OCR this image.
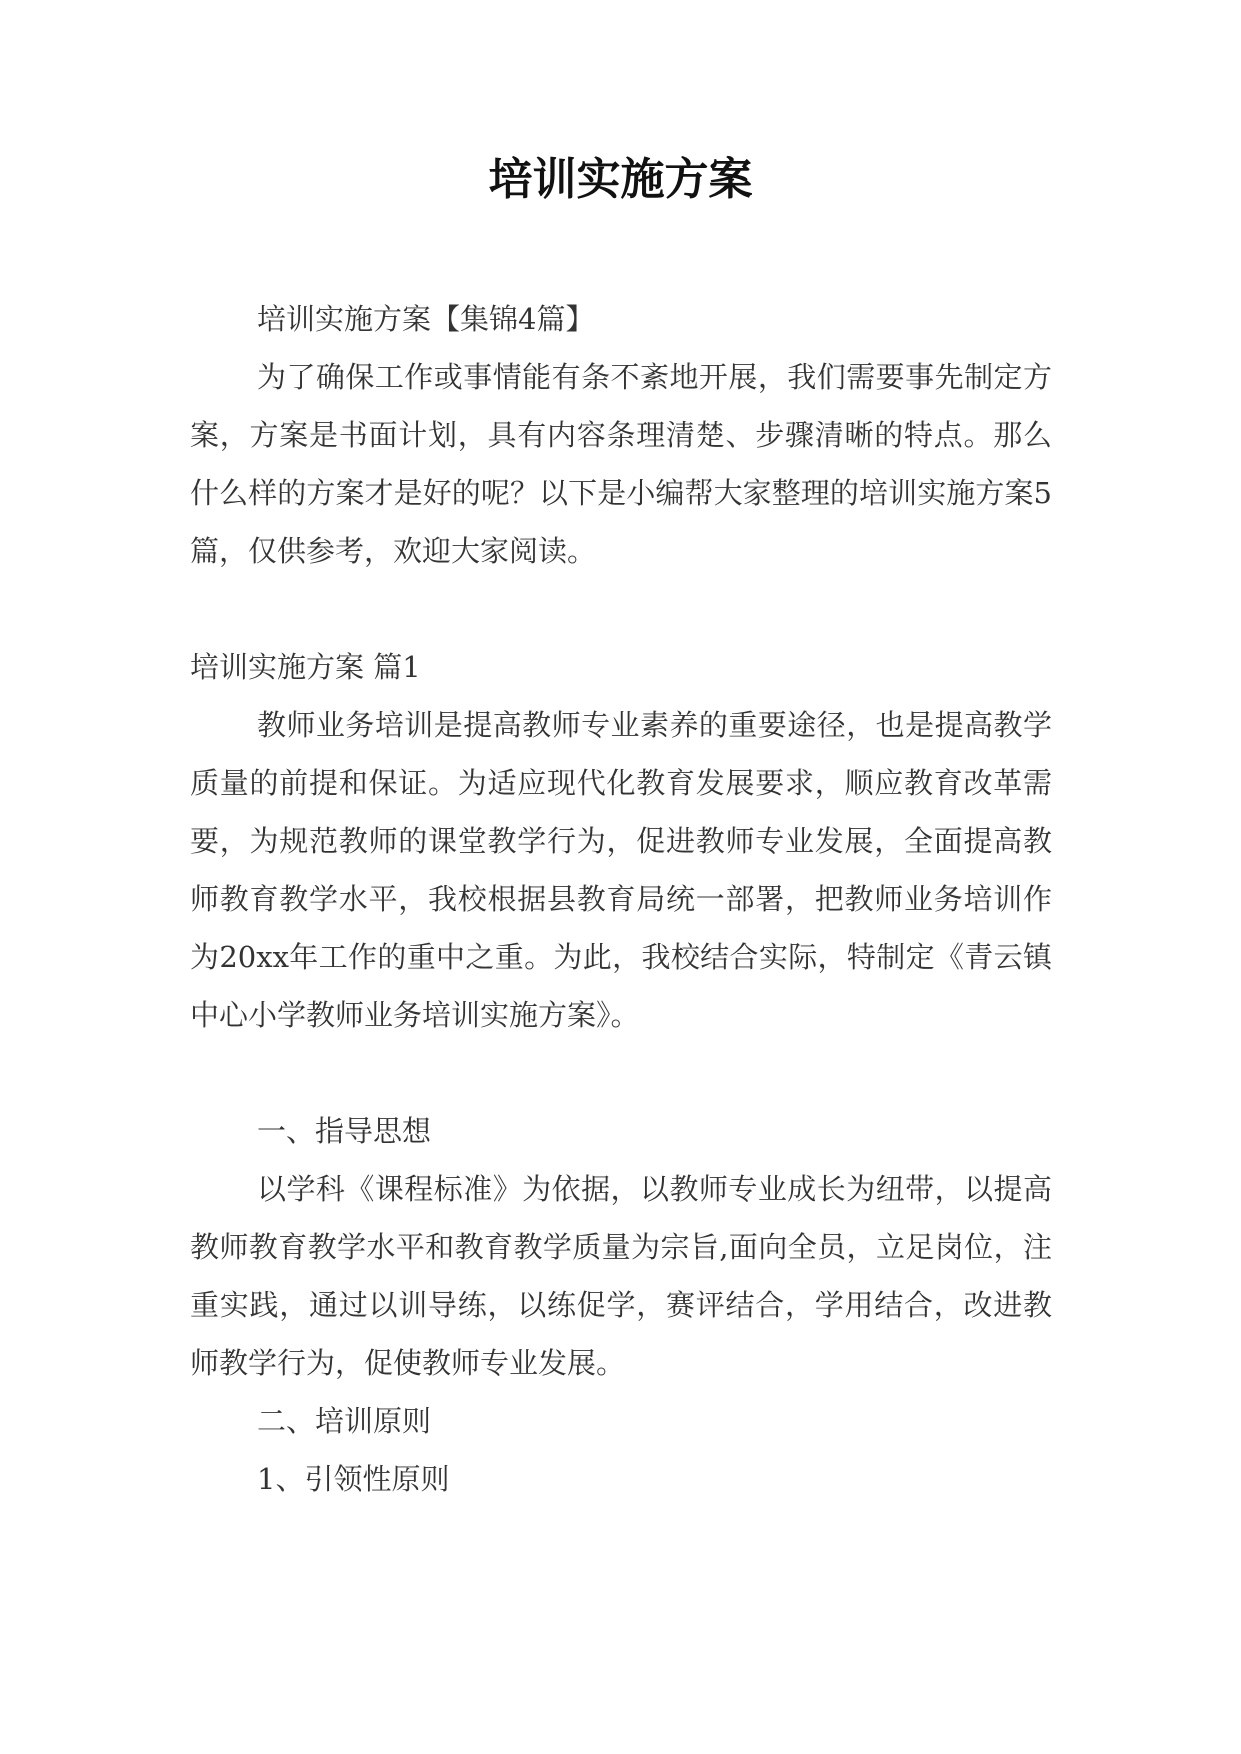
培训实施方案

培训实施方案【集锦4篇】

为了确保工作或事情能有条不紊地开展，我们需要事先制定方案，方案是书面计划，具有内容条理清楚、步骤清晰的特点。那么什么样的方案才是好的呢？以下是小编帮大家整理的培训实施方案5篇，仅供参考，欢迎大家阅读。

培训实施方案 篇1

教师业务培训是提高教师专业素养的重要途径，也是提高教学质量的前提和保证。为适应现代化教育发展要求，顺应教育改革需要，为规范教师的课堂教学行为，促进教师专业发展，全面提高教师教育教学水平，我校根据县教育局统一部署，把教师业务培训作为20xx年工作的重中之重。为此，我校结合实际，特制定《青云镇中心小学教师业务培训实施方案》。

一、指导思想

以学科《课程标准》为依据，以教师专业成长为纽带，以提高教师教育教学水平和教育教学质量为宗旨,面向全员，立足岗位，注重实践，通过以训导练，以练促学，赛评结合，学用结合，改进教师教学行为，促使教师专业发展。

二、培训原则

1、引领性原则
